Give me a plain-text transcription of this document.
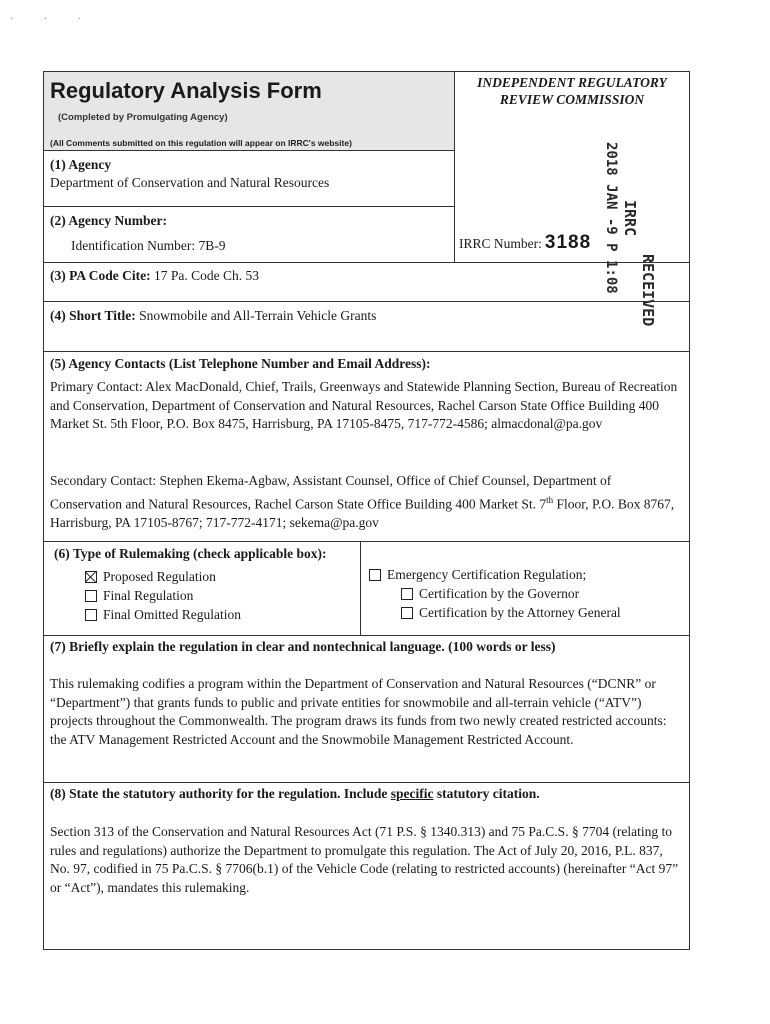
· · ·
Regulatory Analysis Form
(Completed by Promulgating Agency)
(All Comments submitted on this regulation will appear on IRRC's website)
INDEPENDENT REGULATORY
REVIEW COMMISSION
(1) Agency
Department of Conservation and Natural Resources
(2) Agency Number:
Identification Number: 7B-9	IRRC Number: 3188
RECEIVED
IRRC
2018 JAN -9 P 1:08
(3) PA Code Cite: 17 Pa. Code Ch. 53
(4) Short Title: Snowmobile and All-Terrain Vehicle Grants
(5) Agency Contacts (List Telephone Number and Email Address):
Primary Contact: Alex MacDonald, Chief, Trails, Greenways and Statewide Planning Section, Bureau of Recreation and Conservation, Department of Conservation and Natural Resources, Rachel Carson State Office Building 400 Market St. 5th Floor, P.O. Box 8475, Harrisburg, PA 17105-8475, 717-772-4586; almacdonal@pa.gov
Secondary Contact: Stephen Ekema-Agbaw, Assistant Counsel, Office of Chief Counsel, Department of Conservation and Natural Resources, Rachel Carson State Office Building 400 Market St. 7th Floor, P.O. Box 8767, Harrisburg, PA 17105-8767; 717-772-4171; sekema@pa.gov
(6) Type of Rulemaking (check applicable box):
Proposed Regulation
Final Regulation
Final Omitted Regulation
Emergency Certification Regulation;
Certification by the Governor
Certification by the Attorney General
(7) Briefly explain the regulation in clear and nontechnical language. (100 words or less)
This rulemaking codifies a program within the Department of Conservation and Natural Resources (“DCNR” or “Department”) that grants funds to public and private entities for snowmobile and all-terrain vehicle (“ATV”) projects throughout the Commonwealth. The program draws its funds from two newly created restricted accounts: the ATV Management Restricted Account and the Snowmobile Management Restricted Account.
(8) State the statutory authority for the regulation. Include specific statutory citation.
Section 313 of the Conservation and Natural Resources Act (71 P.S. § 1340.313) and 75 Pa.C.S. § 7704 (relating to rules and regulations) authorize the Department to promulgate this regulation. The Act of July 20, 2016, P.L. 837, No. 97, codified in 75 Pa.C.S. § 7706(b.1) of the Vehicle Code (relating to restricted accounts) (hereinafter “Act 97” or “Act”), mandates this rulemaking.
